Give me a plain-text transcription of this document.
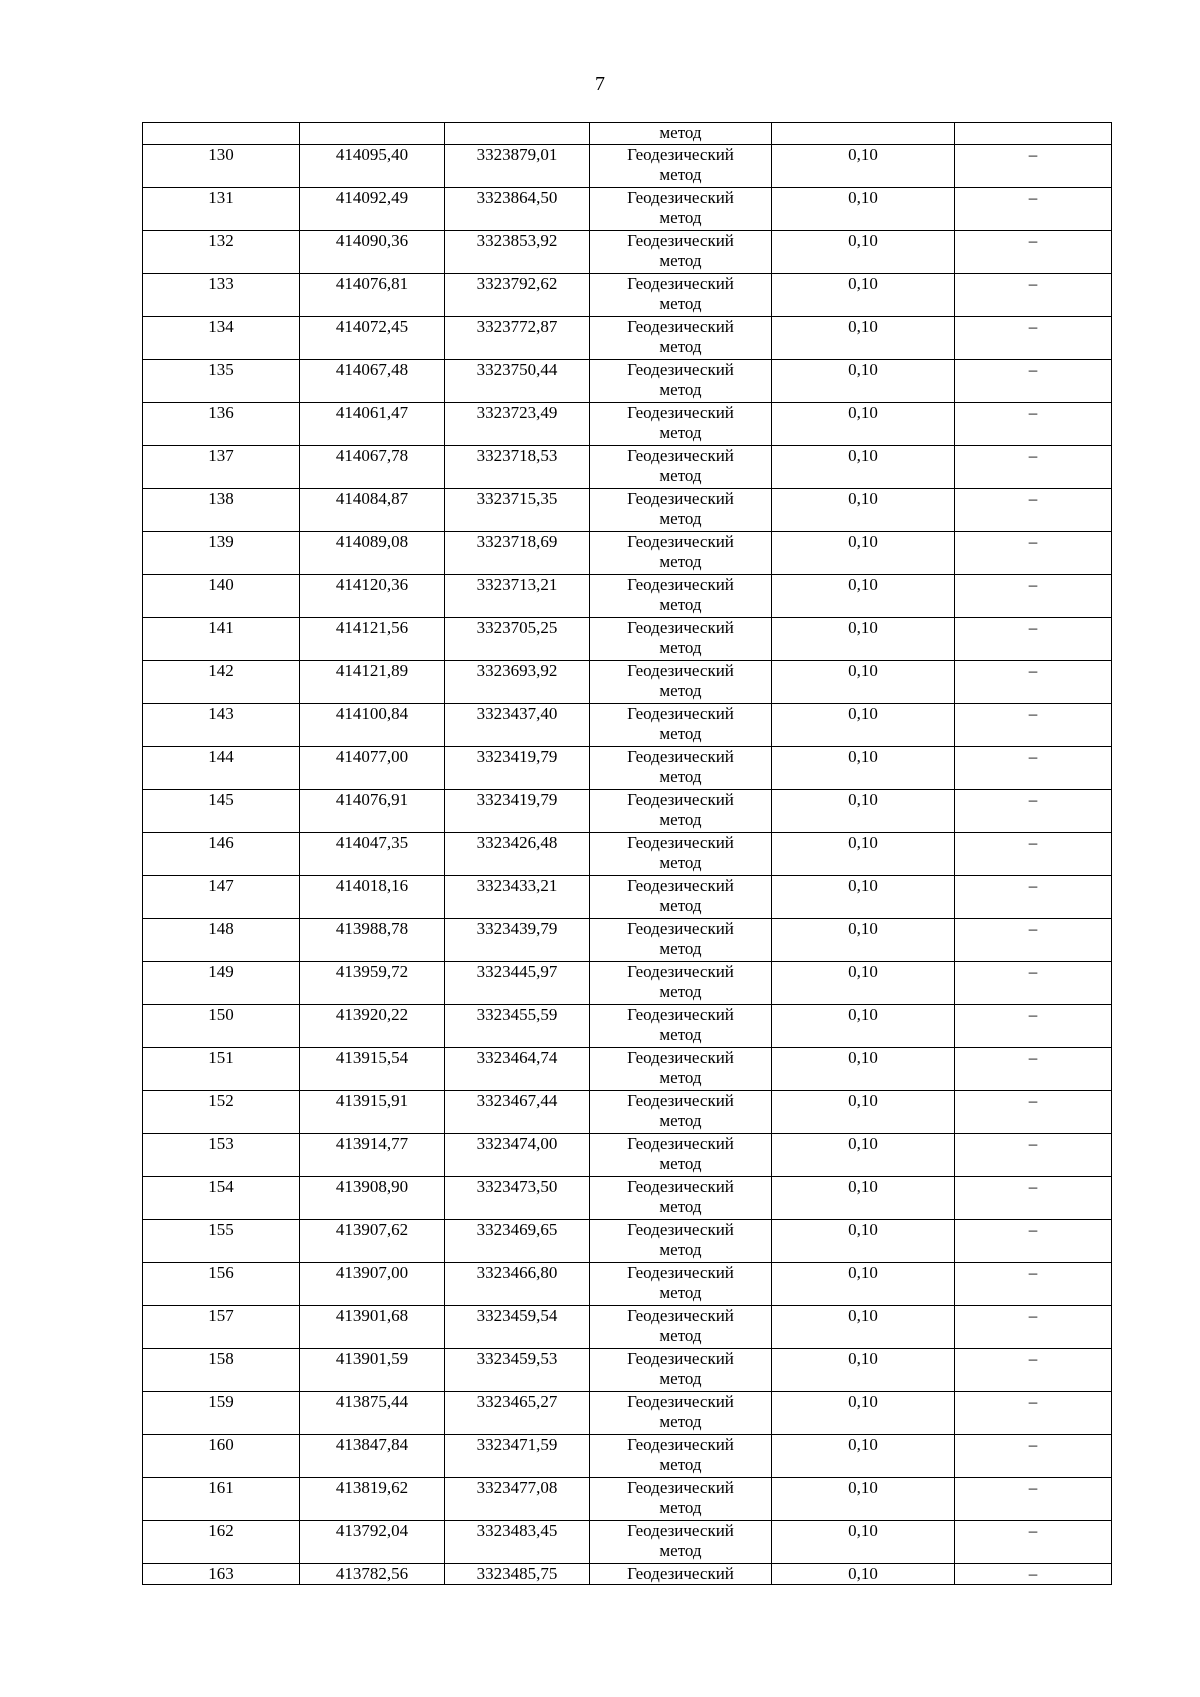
7
			метод		
130	414095,40	3323879,01	Геодезический
метод	0,10	–
131	414092,49	3323864,50	Геодезический
метод	0,10	–
132	414090,36	3323853,92	Геодезический
метод	0,10	–
133	414076,81	3323792,62	Геодезический
метод	0,10	–
134	414072,45	3323772,87	Геодезический
метод	0,10	–
135	414067,48	3323750,44	Геодезический
метод	0,10	–
136	414061,47	3323723,49	Геодезический
метод	0,10	–
137	414067,78	3323718,53	Геодезический
метод	0,10	–
138	414084,87	3323715,35	Геодезический
метод	0,10	–
139	414089,08	3323718,69	Геодезический
метод	0,10	–
140	414120,36	3323713,21	Геодезический
метод	0,10	–
141	414121,56	3323705,25	Геодезический
метод	0,10	–
142	414121,89	3323693,92	Геодезический
метод	0,10	–
143	414100,84	3323437,40	Геодезический
метод	0,10	–
144	414077,00	3323419,79	Геодезический
метод	0,10	–
145	414076,91	3323419,79	Геодезический
метод	0,10	–
146	414047,35	3323426,48	Геодезический
метод	0,10	–
147	414018,16	3323433,21	Геодезический
метод	0,10	–
148	413988,78	3323439,79	Геодезический
метод	0,10	–
149	413959,72	3323445,97	Геодезический
метод	0,10	–
150	413920,22	3323455,59	Геодезический
метод	0,10	–
151	413915,54	3323464,74	Геодезический
метод	0,10	–
152	413915,91	3323467,44	Геодезический
метод	0,10	–
153	413914,77	3323474,00	Геодезический
метод	0,10	–
154	413908,90	3323473,50	Геодезический
метод	0,10	–
155	413907,62	3323469,65	Геодезический
метод	0,10	–
156	413907,00	3323466,80	Геодезический
метод	0,10	–
157	413901,68	3323459,54	Геодезический
метод	0,10	–
158	413901,59	3323459,53	Геодезический
метод	0,10	–
159	413875,44	3323465,27	Геодезический
метод	0,10	–
160	413847,84	3323471,59	Геодезический
метод	0,10	–
161	413819,62	3323477,08	Геодезический
метод	0,10	–
162	413792,04	3323483,45	Геодезический
метод	0,10	–
163	413782,56	3323485,75	Геодезический	0,10	–
